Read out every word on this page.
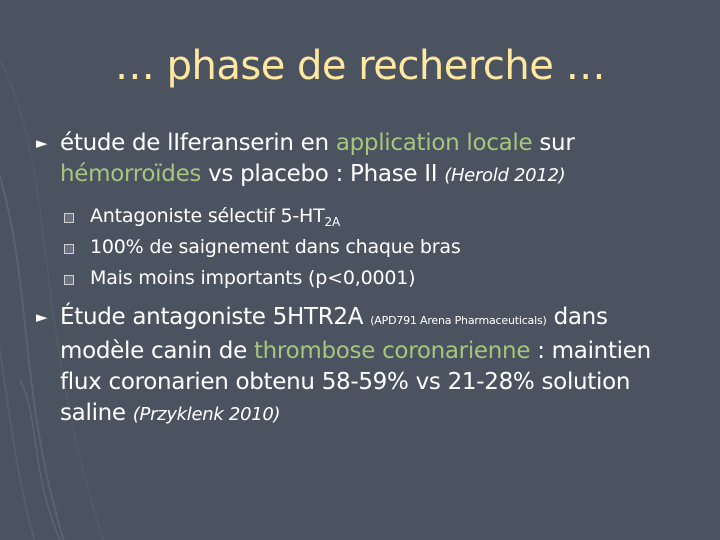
… phase de recherche …
► étude de lIferanserin en application locale sur hémorroïdes vs placebo : Phase II (Herold 2012)
Antagoniste sélectif $5-HT_{2A}$
100% de saignement dans chaque bras
Mais moins importants (p<0,0001)
► Étude antagoniste 5HTR2A (APD791 Arena Pharmaceuticals) dans modèle canin de thrombose coronarienne : maintien flux coronarien obtenu 58-59% vs 21-28% solution saline (Przyklenk 2010)
